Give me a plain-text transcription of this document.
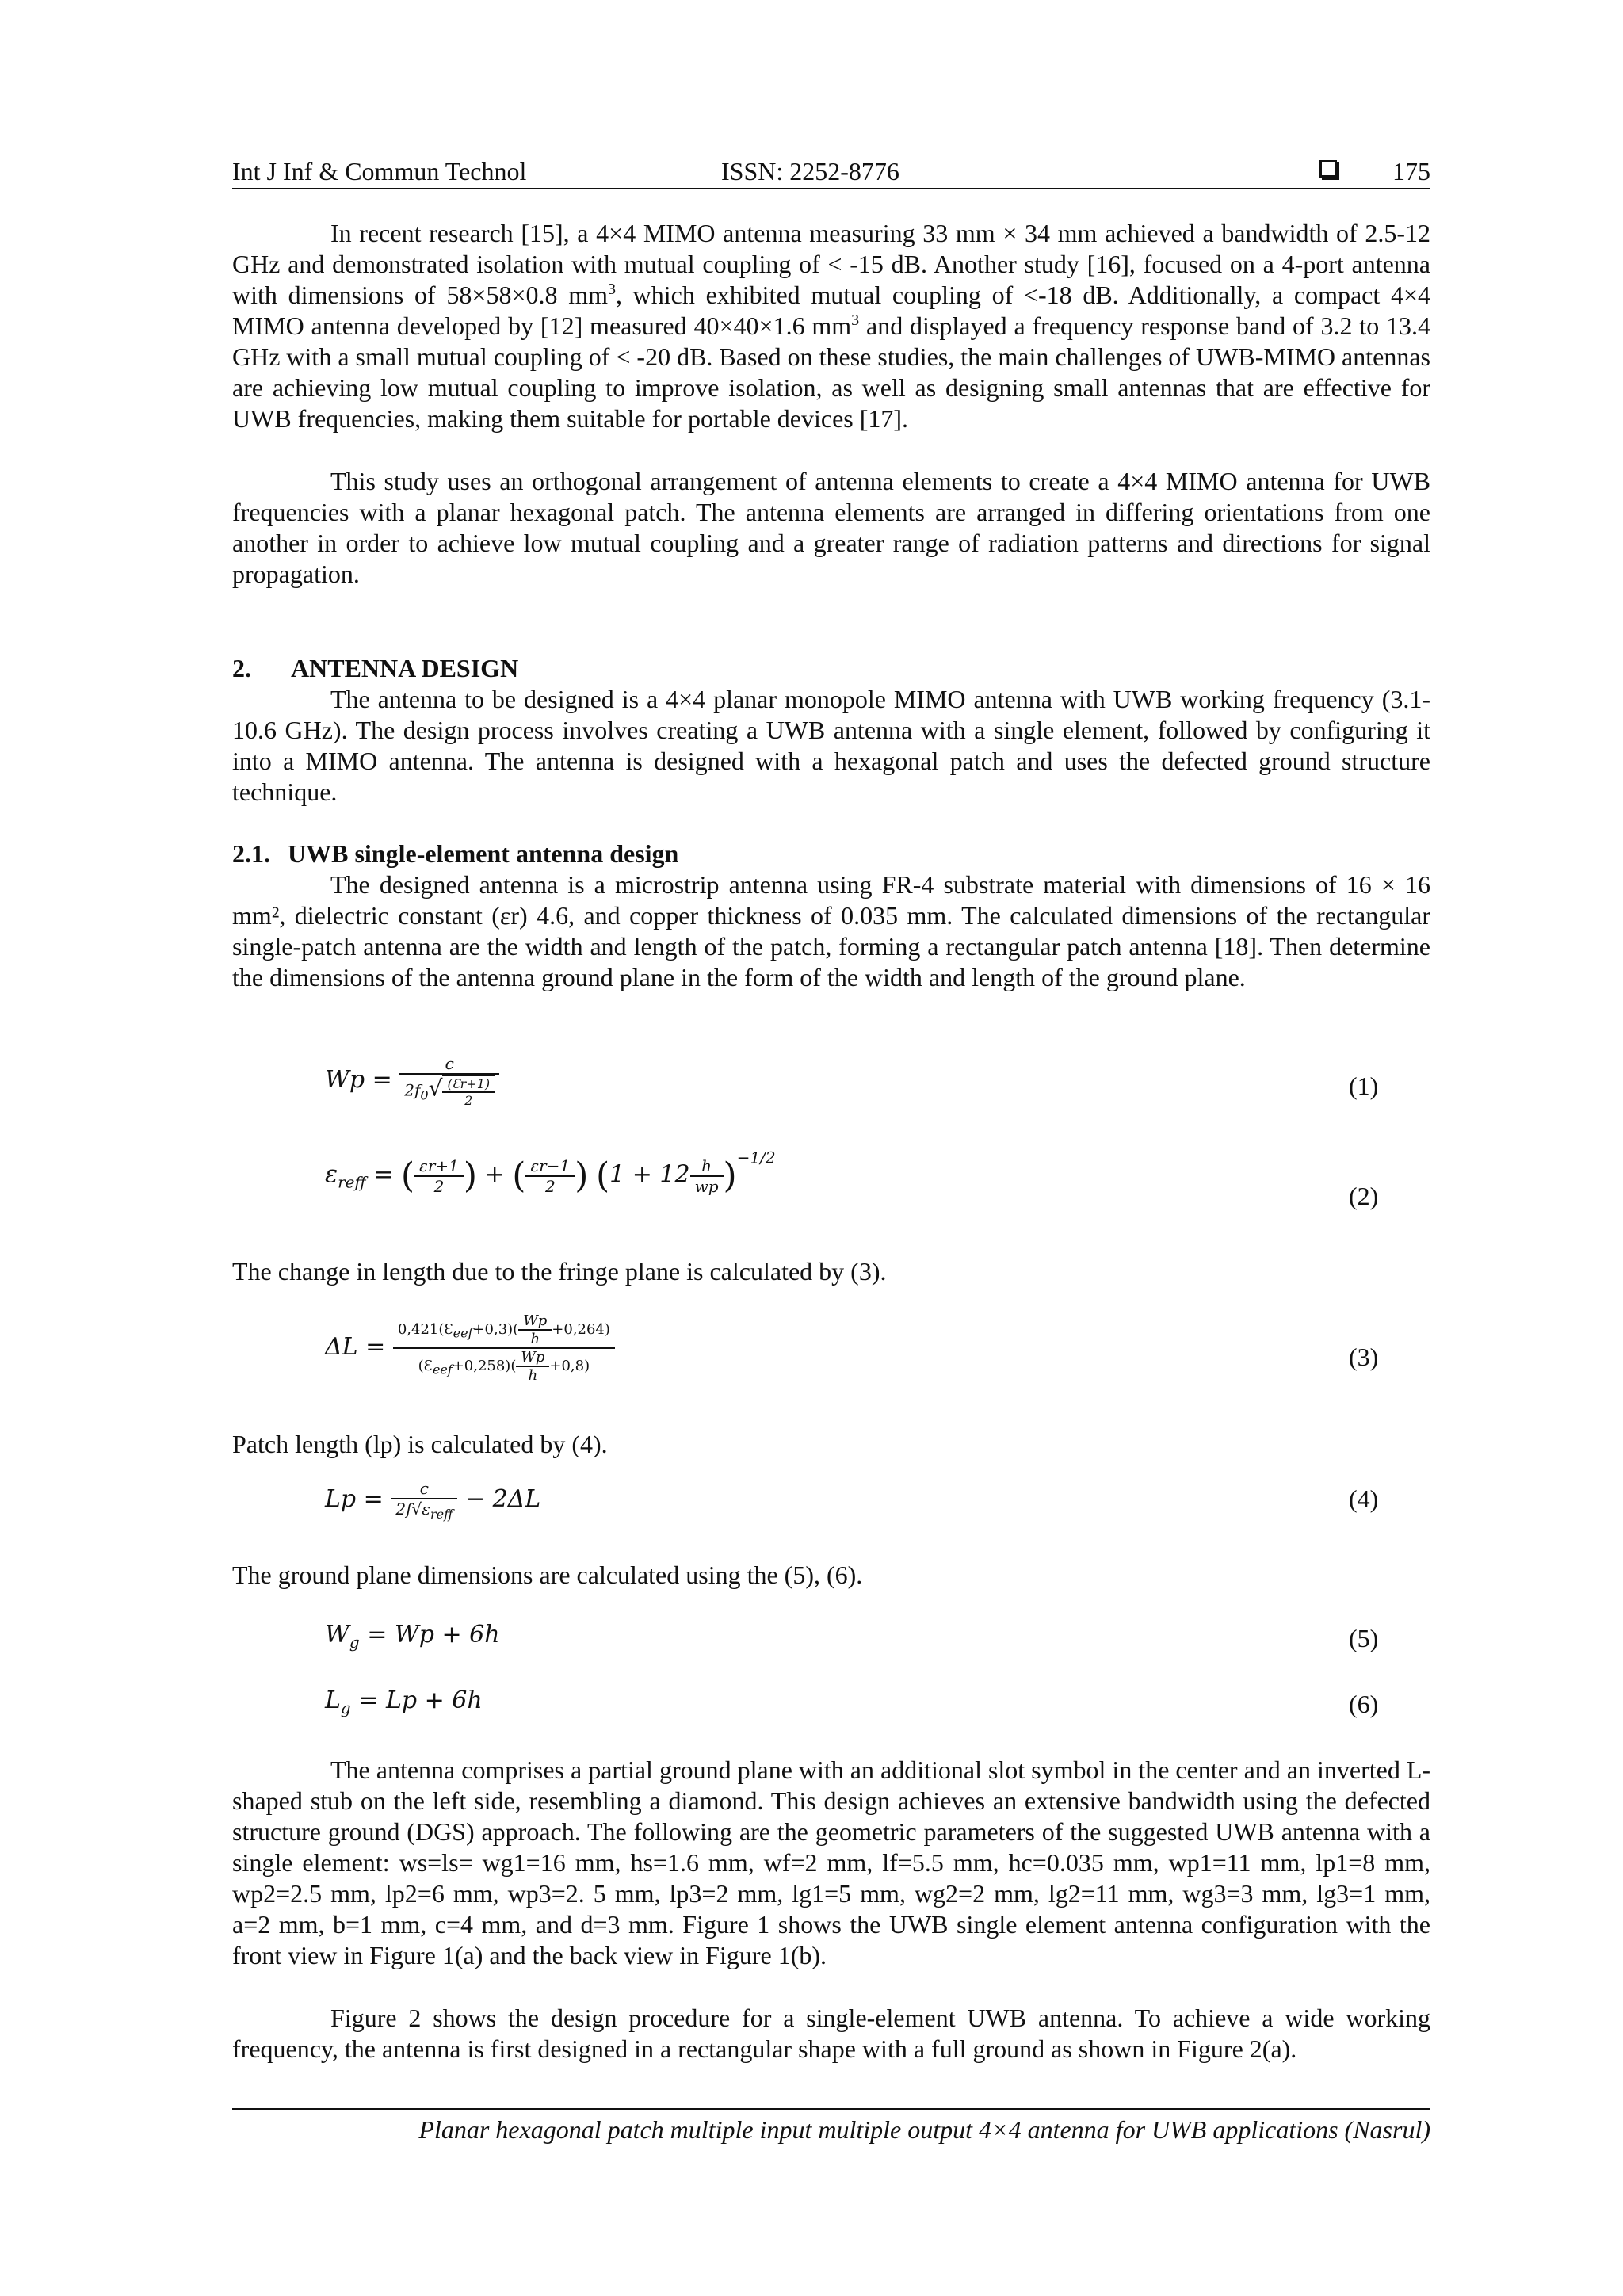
Int J Inf & Commun Technol	ISSN: 2252-8776	175

In recent research [15], a 4×4 MIMO antenna measuring 33 mm × 34 mm achieved a bandwidth of 2.5-12 GHz and demonstrated isolation with mutual coupling of < -15 dB. Another study [16], focused on a 4-port antenna with dimensions of 58×58×0.8 $mm^3$, which exhibited mutual coupling of <-18 dB. Additionally, a compact 4×4 MIMO antenna developed by [12] measured 40×40×1.6 $mm^3$ and displayed a frequency response band of 3.2 to 13.4 GHz with a small mutual coupling of < -20 dB. Based on these studies, the main challenges of UWB-MIMO antennas are achieving low mutual coupling to improve isolation, as well as designing small antennas that are effective for UWB frequencies, making them suitable for portable devices [17].

This study uses an orthogonal arrangement of antenna elements to create a 4×4 MIMO antenna for UWB frequencies with a planar hexagonal patch. The antenna elements are arranged in differing orientations from one another in order to achieve low mutual coupling and a greater range of radiation patterns and directions for signal propagation.

2. ANTENNA DESIGN

The antenna to be designed is a 4×4 planar monopole MIMO antenna with UWB working frequency (3.1-10.6 GHz). The design process involves creating a UWB antenna with a single element, followed by configuring it into a MIMO antenna. The antenna is designed with a hexagonal patch and uses the defected ground structure technique.

2.1. UWB single-element antenna design

The designed antenna is a microstrip antenna using FR-4 substrate material with dimensions of 16 × 16 mm², dielectric constant (εr) 4.6, and copper thickness of 0.035 mm. The calculated dimensions of the rectangular single-patch antenna are the width and length of the patch, forming a rectangular patch antenna [18]. Then determine the dimensions of the antenna ground plane in the form of the width and length of the ground plane.

$Wp = \frac{c}{2f_0√ \frac{(Ɛr+1)}{2}}$	(1)
$\varepsilon_{reff}$ = ( $\frac{\varepsilon r+1}{2}$ ) + ( $\frac{\varepsilon r-1}{2}$ ) $(1 + 12 \frac{h}{wp} )^{-1/2}$
(2)

The change in length due to the fringe plane is calculated by (3).

$\Delta L = \frac{0,421(Ɛ_{eef}+0,3)( \frac{Wp}{h} +0,264)}{(Ɛ_{eef}+0,258)( \frac{Wp}{h} +0,8)}$	(3)

Patch length (lp) is calculated by (4).

$Lp = \frac{c}{2f√\varepsilon_{reff}} - 2\Delta L$	(4)

The ground plane dimensions are calculated using the (5), (6).

$W_g = Wp + 6h$	(5)
$L_g = Lp + 6h$	(6)

The antenna comprises a partial ground plane with an additional slot symbol in the center and an inverted L-shaped stub on the left side, resembling a diamond. This design achieves an extensive bandwidth using the defected structure ground (DGS) approach. The following are the geometric parameters of the suggested UWB antenna with a single element: ws=ls= wg1=16 mm, hs=1.6 mm, wf=2 mm, lf=5.5 mm, hc=0.035 mm, wp1=11 mm, lp1=8 mm, wp2=2.5 mm, lp2=6 mm, wp3=2. 5 mm, lp3=2 mm, lg1=5 mm, wg2=2 mm, lg2=11 mm, wg3=3 mm, lg3=1 mm, a=2 mm, b=1 mm, c=4 mm, and d=3 mm. Figure 1 shows the UWB single element antenna configuration with the front view in Figure 1(a) and the back view in Figure 1(b).

Figure 2 shows the design procedure for a single-element UWB antenna. To achieve a wide working frequency, the antenna is first designed in a rectangular shape with a full ground as shown in Figure 2(a).

Planar hexagonal patch multiple input multiple output 4×4 antenna for UWB applications (Nasrul)
